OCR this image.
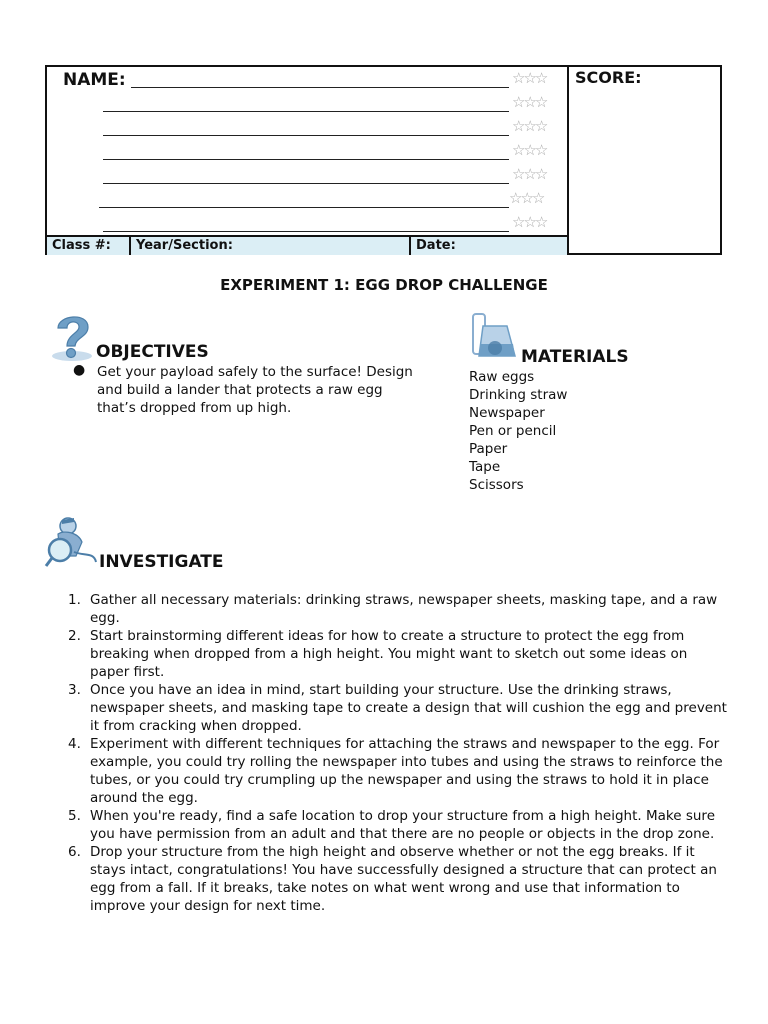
NAME:	☆☆☆
☆☆☆
☆☆☆
☆☆☆
☆☆☆
☆☆☆
☆☆☆
SCORE:
Class #:	Year/Section:	Date:
EXPERIMENT 1: EGG DROP CHALLENGE
OBJECTIVES
● Get your payload safely to the surface! Design and build a lander that protects a raw egg that’s dropped from up high.
MATERIALS
Raw eggs
Drinking straw
Newspaper
Pen or pencil
Paper
Tape
Scissors
INVESTIGATE
1. Gather all necessary materials: drinking straws, newspaper sheets, masking tape, and a raw egg.
2. Start brainstorming different ideas for how to create a structure to protect the egg from breaking when dropped from a high height. You might want to sketch out some ideas on paper first.
3. Once you have an idea in mind, start building your structure. Use the drinking straws, newspaper sheets, and masking tape to create a design that will cushion the egg and prevent it from cracking when dropped.
4. Experiment with different techniques for attaching the straws and newspaper to the egg. For example, you could try rolling the newspaper into tubes and using the straws to reinforce the tubes, or you could try crumpling up the newspaper and using the straws to hold it in place around the egg.
5. When you're ready, find a safe location to drop your structure from a high height. Make sure you have permission from an adult and that there are no people or objects in the drop zone.
6. Drop your structure from the high height and observe whether or not the egg breaks. If it stays intact, congratulations! You have successfully designed a structure that can protect an egg from a fall. If it breaks, take notes on what went wrong and use that information to improve your design for next time.
